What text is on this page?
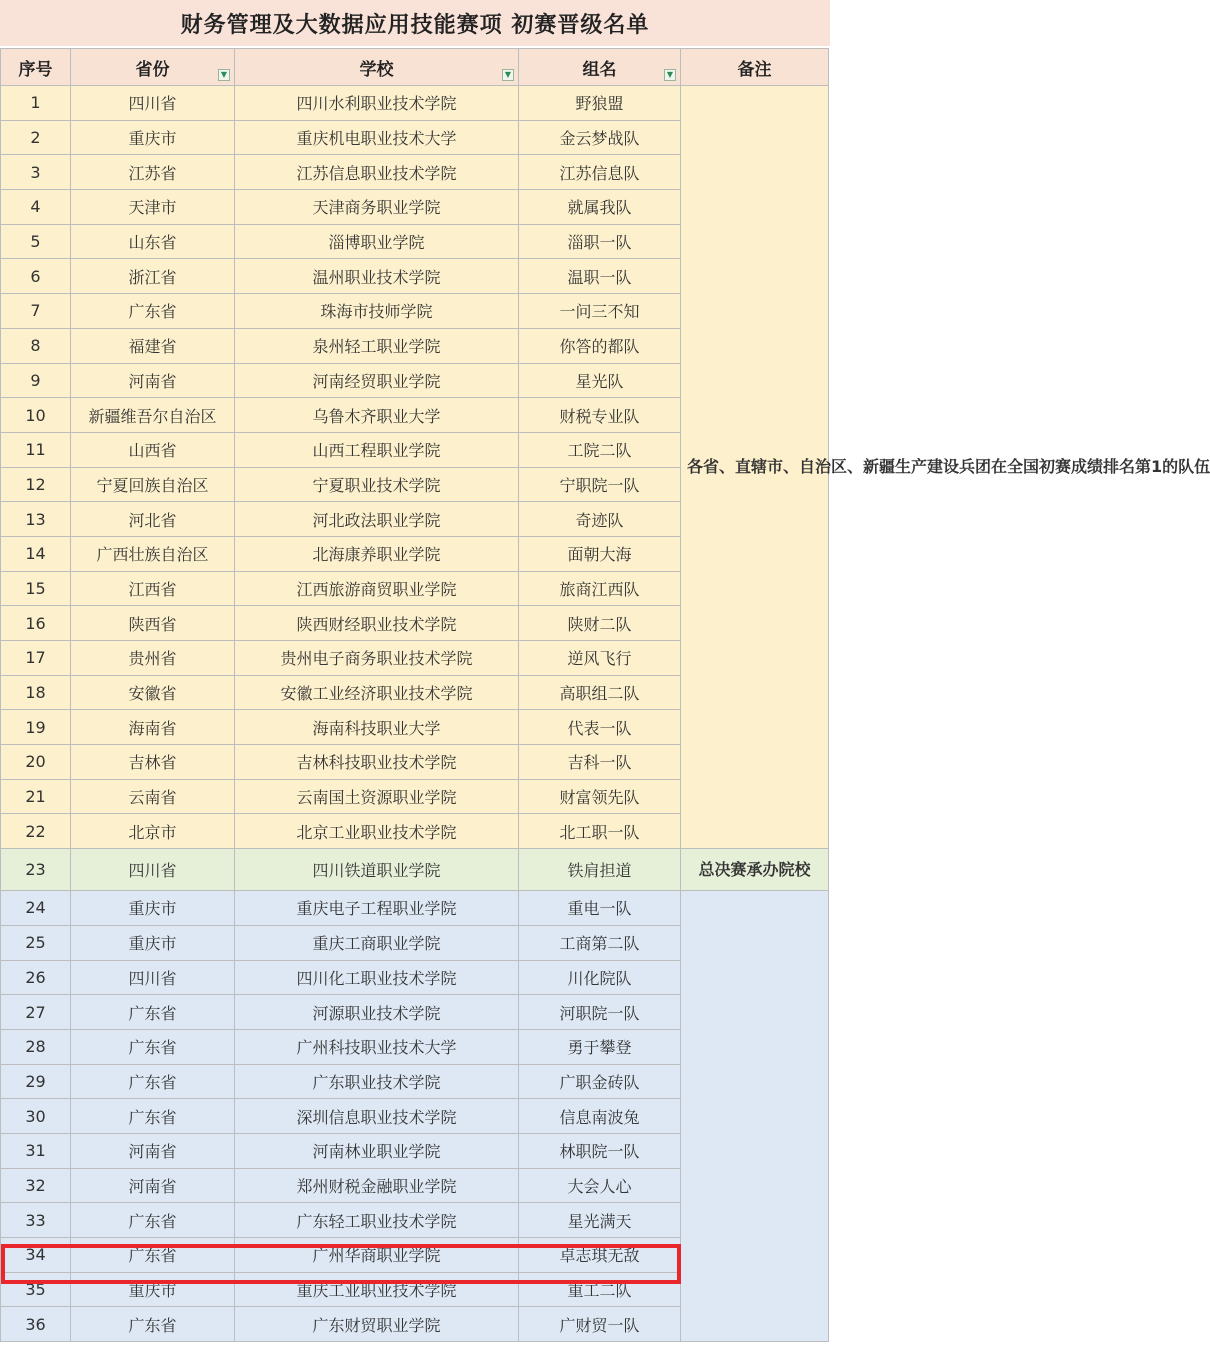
财务管理及大数据应用技能赛项 初赛晋级名单
序号	省份 ▼	学校 ▼	组名 ▼	备注
1	四川省	四川水利职业技术学院	野狼盟	各省、直辖市、自治区、新疆生产建设兵团在全国初赛成绩排名第1的队伍
2	重庆市	重庆机电职业技术大学	金云梦战队	
3	江苏省	江苏信息职业技术学院	江苏信息队	
4	天津市	天津商务职业学院	就属我队	
5	山东省	淄博职业学院	淄职一队	
6	浙江省	温州职业技术学院	温职一队	
7	广东省	珠海市技师学院	一问三不知	
8	福建省	泉州轻工职业学院	你答的都队	
9	河南省	河南经贸职业学院	星光队	
10	新疆维吾尔自治区	乌鲁木齐职业大学	财税专业队	
11	山西省	山西工程职业学院	工院二队	
12	宁夏回族自治区	宁夏职业技术学院	宁职院一队	
13	河北省	河北政法职业学院	奇迹队	
14	广西壮族自治区	北海康养职业学院	面朝大海	
15	江西省	江西旅游商贸职业学院	旅商江西队	
16	陕西省	陕西财经职业技术学院	陕财二队	
17	贵州省	贵州电子商务职业技术学院	逆风飞行	
18	安徽省	安徽工业经济职业技术学院	高职组二队	
19	海南省	海南科技职业大学	代表一队	
20	吉林省	吉林科技职业技术学院	吉科一队	
21	云南省	云南国土资源职业学院	财富领先队	
22	北京市	北京工业职业技术学院	北工职一队	
23	四川省	四川铁道职业学院	铁肩担道	总决赛承办院校
24	重庆市	重庆电子工程职业学院	重电一队	
25	重庆市	重庆工商职业学院	工商第二队	
26	四川省	四川化工职业技术学院	川化院队	
27	广东省	河源职业技术学院	河职院一队	
28	广东省	广州科技职业技术大学	勇于攀登	
29	广东省	广东职业技术学院	广职金砖队	
30	广东省	深圳信息职业技术学院	信息南波兔	
31	河南省	河南林业职业学院	林职院一队	
32	河南省	郑州财税金融职业学院	大会人心	
33	广东省	广东轻工职业技术学院	星光满天	
34	广东省	广州华商职业学院	卓志琪无敌	
35	重庆市	重庆工业职业技术学院	重工二队	
36	广东省	广东财贸职业学院	广财贸一队	
